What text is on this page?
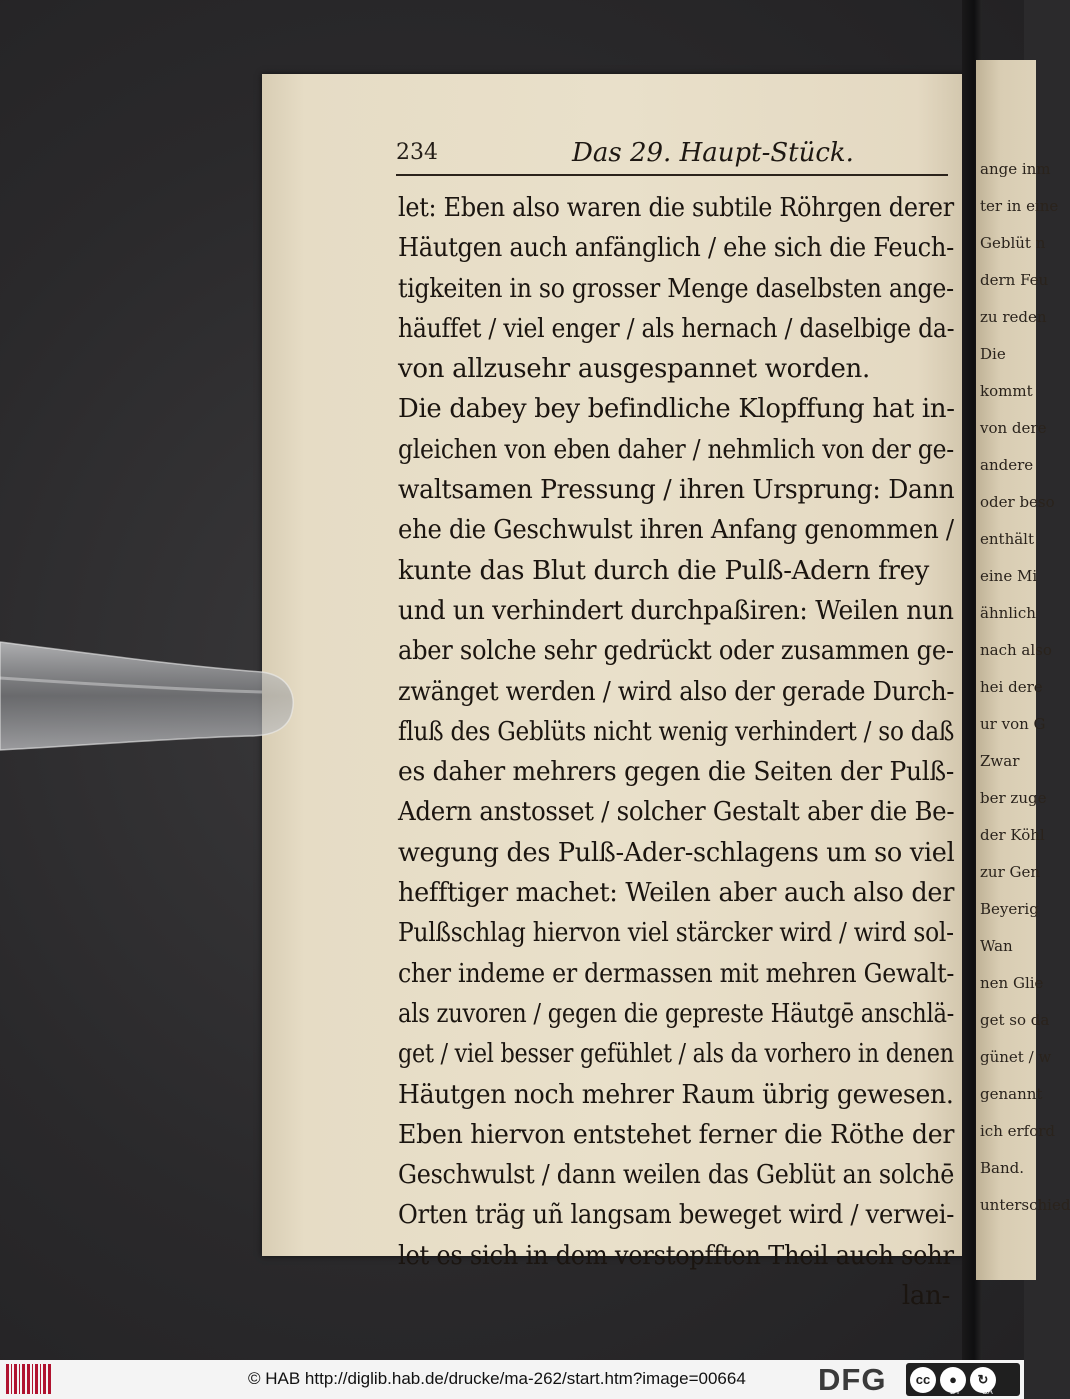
234	Das 29. Haupt-Stück.
let: Eben also waren die subtile Röhrgen derer
Häutgen auch anfänglich / ehe sich die Feuch-
tigkeiten in so grosser Menge daselbsten ange-
häuffet / viel enger / als hernach / daselbige da-
von allzusehr ausgespannet worden.
Die dabey bey befindliche Klopffung hat in-
gleichen von eben daher / nehmlich von der ge-
waltsamen Pressung / ihren Ursprung: Dann
ehe die Geschwulst ihren Anfang genommen /
kunte das Blut durch die Pulß-Adern frey
und un verhindert durchpaßiren: Weilen nun
aber solche sehr gedrückt oder zusammen ge-
zwänget werden / wird also der gerade Durch-
fluß des Geblüts nicht wenig verhindert / so daß
es daher mehrers gegen die Seiten der Pulß-
Adern anstosset / solcher Gestalt aber die Be-
wegung des Pulß-Ader-schlagens um so viel
hefftiger machet: Weilen aber auch also der
Pulßschlag hiervon viel stärcker wird / wird sol-
cher indeme er dermassen mit mehren Gewalt-
als zuvoren / gegen die gepreste Häutgē anschlä-
get / viel besser gefühlet / als da vorhero in denen
Häutgen noch mehrer Raum übrig gewesen.
Eben hiervon entstehet ferner die Röthe der
Geschwulst / dann weilen das Geblüt an solchē
Orten träg uñ langsam beweget wird / verwei-
let es sich in dem verstopfften Theil auch sehr
lan-
ange inm
ter in eine
Geblüt n
dern Feu
zu reden
Die
kommt
von dere
andere
oder beso
enthält
eine Mi
ähnlich
nach also
hei dere
ur von G
Zwar
ber zuge
der Köhl
zur Gen
Beyerig
Wan
nen Glie
get so da
günet / w
genannt
ich erford
Band.
unterschied
© HAB http://diglib.hab.de/drucke/ma-262/start.htm?image=00664 DFG	cc	●	↻
BY	SA
